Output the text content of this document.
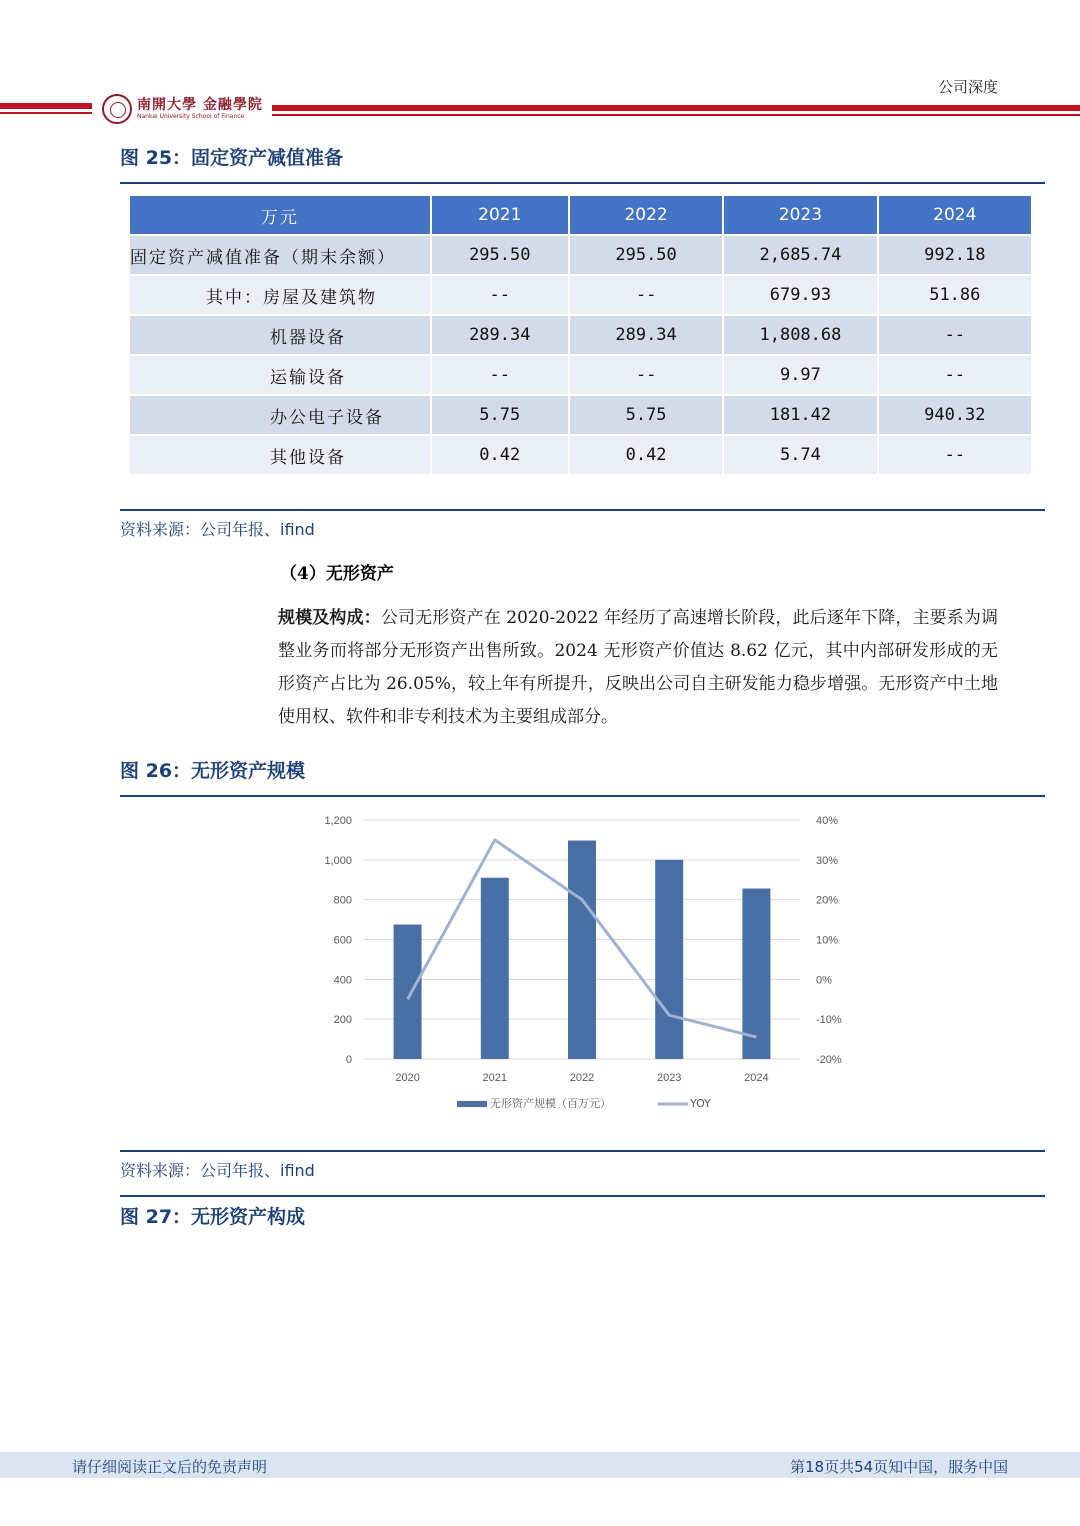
公司深度
南開大學 金融學院
Nankai University School of Finance
图 25：固定资产减值准备
万元	2021	2022	2023	2024
固定资产减值准备（期末余额）	295.50	295.50	2,685.74	992.18
其中：房屋及建筑物	--	--	679.93	51.86
机器设备	289.34	289.34	1,808.68	--
运输设备	--	--	9.97	--
办公电子设备	5.75	5.75	181.42	940.32
其他设备	0.42	0.42	5.74	--
资料来源：公司年报、ifind
（4）无形资产
规模及构成：公司无形资产在 2020-2022 年经历了高速增长阶段，此后逐年下降，主要系为调整业务而将部分无形资产出售所致。2024 无形资产价值达 8.62 亿元，其中内部研发形成的无形资产占比为 26.05%，较上年有所提升，反映出公司自主研发能力稳步增强。无形资产中土地使用权、软件和非专利技术为主要组成部分。
图 26：无形资产规模
0
200
400
600
800
1,000
1,200
-20%
-10%
0%
10%
20%
30%
40%
2020	2021	2022	2023	2024
无形资产规模（百万元）	YOY
资料来源：公司年报、ifind
图 27：无形资产构成
请仔细阅读正文后的免责声明	第18页共54页知中国，服务中国
